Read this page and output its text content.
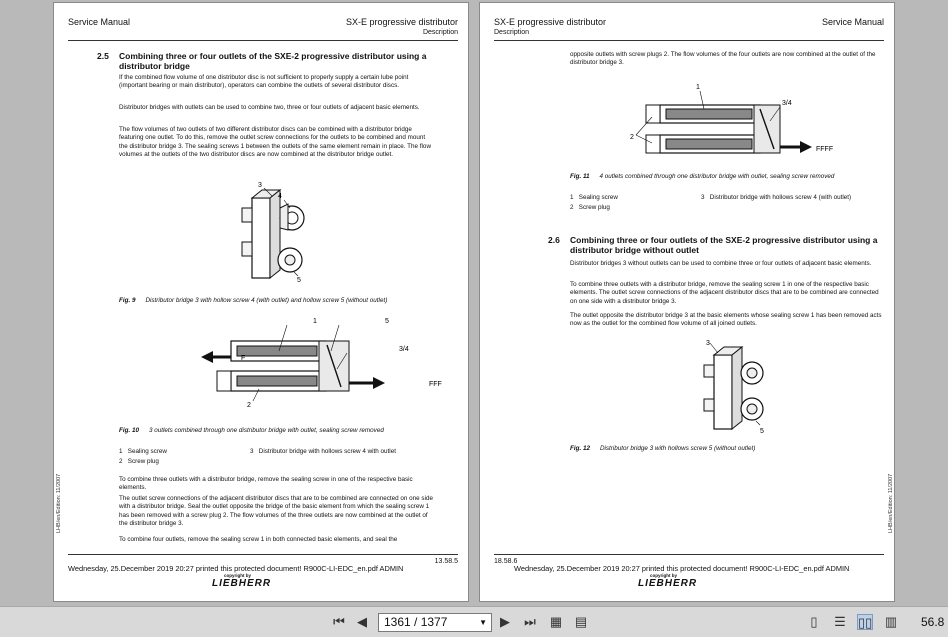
Service Manual	SX-E progressive distributor
Description
2.5 Combining three or four outlets of the SXE-2 progressive distributor using a distributor bridge
If the combined flow volume of one distributor disc is not sufficient to properly supply a certain lube point (important bearing or main distributor), operators can combine the outlets of several distributor discs.
Distributor bridges with outlets can be used to combine two, three or four outlets of adjacent basic elements.
The flow volumes of two outlets of two different distributor discs can be combined with a distributor bridge featuring one outlet. To do this, remove the outlet screw connections for the outlets to be combined and mount the distributor bridge 3. The sealing screws 1 between the outlets of the same element remain in place. The flow volumes at the outlets of the two distributor discs are now combined at the distributor bridge outlet.
3
4
5
Fig. 9 Distributor bridge 3 with hollow screw 4 (with outlet) and hollow screw 5 (without outlet)
1	5
3/4
F
FFF
2
Fig. 10 3 outlets combined through one distributor bridge with outlet, sealing screw removed
1 Sealing screw
2 Screw plug
3 Distributor bridge with hollows screw 4 with outlet
To combine three outlets with a distributor bridge, remove the sealing screw in one of the respective basic elements.
The outlet screw connections of the adjacent distributor discs that are to be combined are connected on one side with a distributor bridge. Seal the outlet opposite the bridge of the basic element from which the sealing screw 1 has been removed with a screw plug 2. The flow volumes of the three outlets are now combined at the outlet of the distributor bridge 3.
To combine four outlets, remove the sealing screw 1 in both connected basic elements, and seal the
LHB/en/Edition: 11/2007
13.58.5
Wednesday, 25.December 2019 20:27 printed this protected document! R900C-LI-EDC_en.pdf ADMIN
copyright by
LIEBHERR
SX-E progressive distributor	Service Manual
Description
opposite outlets with screw plugs 2. The flow volumes of the four outlets are now combined at the outlet of the distributor bridge 3.
1
3/4
2
FFFF
Fig. 11 4 outlets combined through one distributor bridge with outlet, sealing screw removed
1 Sealing screw
2 Screw plug
3 Distributor bridge with hollows screw 4 (with outlet)
2.6 Combining three or four outlets of the SXE-2 progressive distributor using a distributor bridge without outlet
Distributor bridges 3 without outlets can be used to combine three or four outlets of adjacent basic elements.
To combine three outlets with a distributor bridge, remove the sealing screw 1 in one of the respective basic elements. The outlet screw connections of the adjacent distributor discs that are to be combined are connected on one side with a distributor bridge 3.
The outlet opposite the distributor bridge 3 at the basic elements whose sealing screw 1 has been removed acts now as the outlet for the combined flow volume of all joined outlets.
3
5
Fig. 12 Distributor bridge 3 with hollows screw 5 (without outlet)
LHB/en/Edition: 11/2007
18.58.6
Wednesday, 25.December 2019 20:27 printed this protected document! R900C-LI-EDC_en.pdf ADMIN
copyright by
LIEBHERR
⏮ ◀	1361 / 1377	▼ ▶ ⏭ ▦ ▤	▯	☰ ▯▯ ▥ 56.8
